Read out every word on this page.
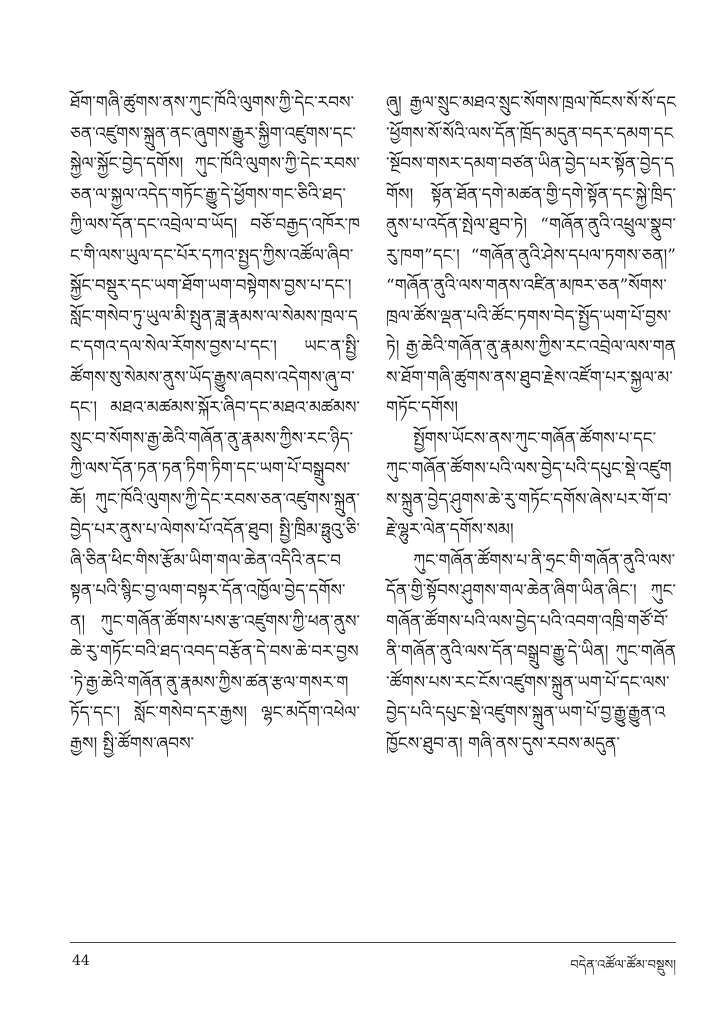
ཐོག་གཞི་ཚུགས་ནས་ཀུང་ཁོའི་ལུགས་ཀྱི་དེང་རབས་ཅན་འཛུགས་སྐྲུན་ནང་ཞུགས་རྒྱུར་སྐྱིག་འཛུགས་དང་སྐྱེལ་སྐྱོང་བྱེད་དགོས། ཀུང་ཁོའི་ལུགས་ཀྱི་དེང་རབས་ཅན་ལ་སྐྱལ་འདེད་གཏོང་རྒྱུ་དེ་ཕྱོགས་གང་ཅིའི་ཐད་ཀྱི་ལས་དོན་དང་འབྲེལ་བ་ཡོད། བཅོ་བརྒྱད་འཁོར་ཁང་གི་ལས་ཡུལ་དང་པོར་དཀའ་སྤྱད་ཀྱིས་འཚོལ་ཞིབ་སྐྱོང་བསྡུར་དང་ཡག་ཐོག་ཡག་བསྟེགས་བྱས་པ་དང་། སློང་གསེབ་ཏུ་ཡུལ་མི་སྤུན་ཟླ་རྣམས་ལ་སེམས་ཁྲལ་དང་དགའ་དལ་སེལ་རོགས་བྱས་པ་དང་། ཡང་ན་སྤྱི་ཚོགས་སུ་སེམས་ནུས་ཡོད་རྒྱུས་ཞབས་འདེགས་ཞུ་བ་དང་། མཐའ་མཚམས་སྐོར་ཞིབ་དང་མཐའ་མཚམས་སྲུང་བ་སོགས་རྒྱ་ཆེའི་གཞོན་ནུ་རྣམས་ཀྱིས་རང་ཉིད་ཀྱི་ལས་དོན་ཏན་ཏན་ཏིག་ཏིག་དང་ཡག་པོ་བསྒྲུབས་ཆོ། ཀུང་ཁོའི་ལུགས་ཀྱི་དེང་རབས་ཅན་འཛུགས་སྐྲུན་བྱེད་པར་ནུས་པ་ལེགས་པོ་འདོན་ཐུབ། སྤྱི་ཁྲིམ་ཧྥུའུ་ཅི་ཞི་ཅིན་ཕིང་གིས་རྩོམ་ཡིག་གལ་ཆེན་འདིའི་ནང་བསྟན་པའི་སྙིང་བྱ་ལག་བསྟར་དོན་འཁྱོལ་བྱེད་དགོས་ན། ཀུང་གཞོན་ཚོགས་པས་རྩ་འཛུགས་ཀྱི་ཕན་ནུས་ཆེ་རུ་གཏོང་བའི་ཐད་འབད་བརྩོན་དེ་བས་ཆེ་བར་བྱས་ཏེ་རྒྱ་ཆེའི་གཞོན་ནུ་རྣམས་ཀྱིས་ཚན་རྩལ་གསར་གཏོད་དང་། སློང་གསེབ་དར་རྒྱས། ལྷང་མདོག་འཕེལ་རྒྱས། སྤྱི་ཚོགས་ཞབས་

ཞུ། རྒྱལ་སྲུང་མཐའ་སྲུང་སོགས་ཁྲལ་ཁོངས་སོ་སོ་དང་ཕྱོགས་སོ་སོའི་ལས་དོན་ཁྲོད་མདུན་བདར་དམག་དང་སྔོབས་གསར་དམག་བཙན་ཡིན་བྱེད་པར་སྟོན་བྱེད་དགོས། སྟོན་ཐོན་དགེ་མཚན་གྱི་དགེ་སྟོན་དང་སྐྱེ་ཁྲིད་ནུས་པ་འདོན་སྤེལ་ཐུབ་ཏེ། “གཞོན་ནུའི་འཕྲུལ་སྣུབ་རུ་ཁག”དང་། “གཞོན་ནུའི་ཤེས་དཔལ་ཏགས་ཅན།” “གཞོན་ནུའི་ལས་གནས་འཛིན་མཁར་ཅན”སོགས་ཁྲལ་ཚོས་ལྡན་པའི་ཚོང་ཏགས་བེད་སྤྱོད་ཡག་པོ་བྱས་ཏེ། རྒྱ་ཆེའི་གཞོན་ནུ་རྣམས་ཀྱིས་རང་འབྲེལ་ལས་གནས་ཐོག་གཞི་ཚུགས་ནས་ཐུབ་རྗེས་འཛོག་པར་སྐྱལ་མ་གཏོང་དགོས།

སྤྱོགས་ཡོངས་ནས་ཀུང་གཞོན་ཚོགས་པ་དང་ཀུང་གཞོན་ཚོགས་པའི་ལས་བྱེད་པའི་དཔུང་སྡེ་འཛུགས་སྐྲུན་བྱེད་ཤུགས་ཆེ་རུ་གཏོང་དགོས་ཞེས་པར་གོ་བ་རྗེ་ལྷུར་ལེན་དགོས་སམ།

ཀུང་གཞོན་ཚོགས་པ་ནི་ཧྲང་གི་གཞོན་ནུའི་ལས་དོན་གྱི་སྟོབས་ཤུགས་གལ་ཆེན་ཞིག་ཡིན་ཞིང་། ཀུང་གཞོན་ཚོགས་པའི་ལས་བྱེད་པའི་འབག་འཁྲི་གཙོ་བོ་ནི་གཞོན་ནུའི་ལས་དོན་བསྒྲུབ་རྒྱུ་དེ་ཡིན། ཀུང་གཞོན་ཚོགས་པས་རང་ངོས་འཛུགས་སྐྲུན་ཡག་པོ་དང་ལས་བྱེད་པའི་དཔུང་སྡེ་འཛུགས་སྐྲུན་ཡག་པོ་བྱ་རྒྱུ་རྒྱུན་འཁྱོངས་ཐུབ་ན། གཞི་ནས་དུས་རབས་མདུན་

44	བདེན་འཚོལ་ཚོམ་བསྡུས།
